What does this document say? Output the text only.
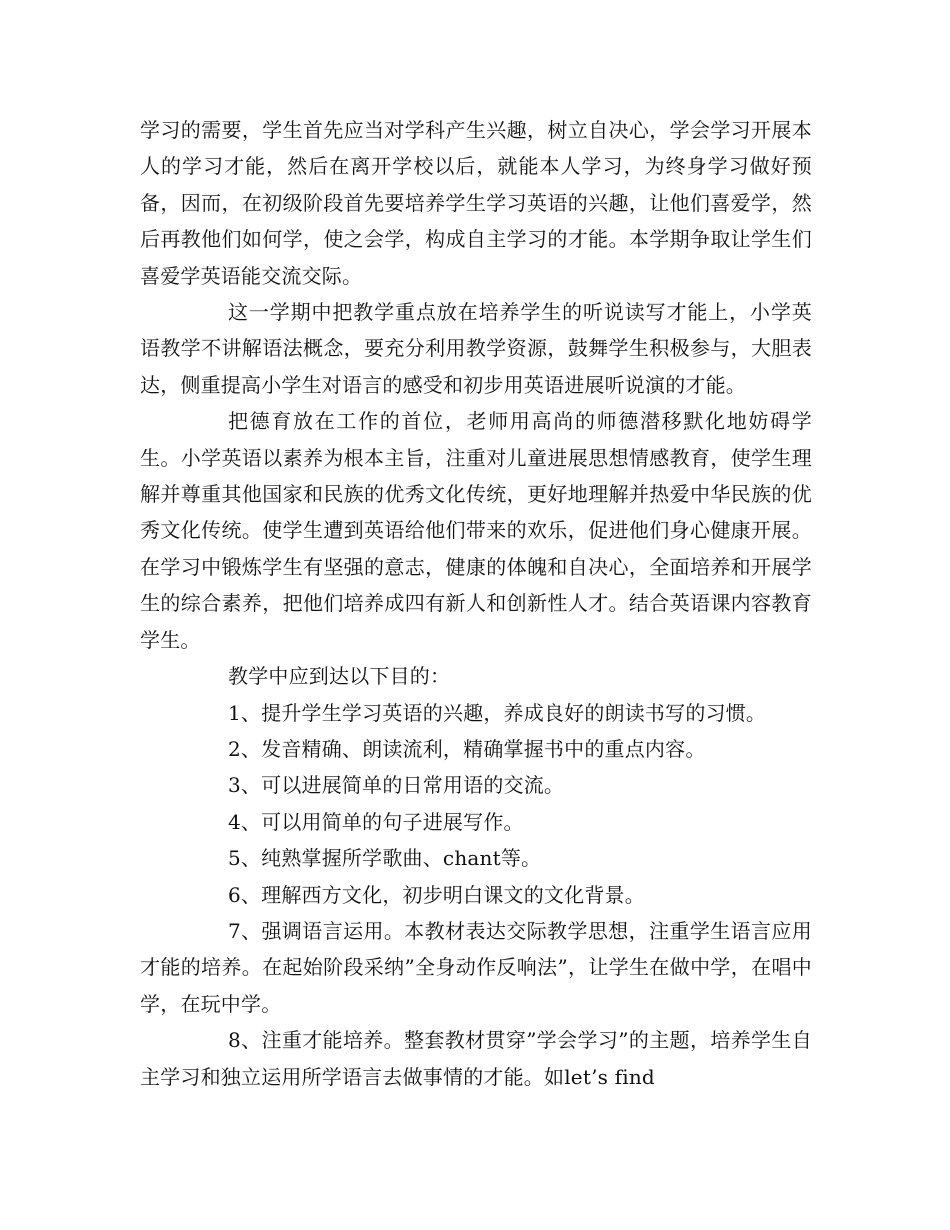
学习的需要，学生首先应当对学科产生兴趣，树立自决心，学会学习开展本人的学习才能，然后在离开学校以后，就能本人学习，为终身学习做好预备，因而，在初级阶段首先要培养学生学习英语的兴趣，让他们喜爱学，然后再教他们如何学，使之会学，构成自主学习的才能。本学期争取让学生们喜爱学英语能交流交际。

这一学期中把教学重点放在培养学生的听说读写才能上，小学英语教学不讲解语法概念，要充分利用教学资源，鼓舞学生积极参与，大胆表达，侧重提高小学生对语言的感受和初步用英语进展听说演的才能。

把德育放在工作的首位，老师用高尚的师德潜移默化地妨碍学生。小学英语以素养为根本主旨，注重对儿童进展思想情感教育，使学生理解并尊重其他国家和民族的优秀文化传统，更好地理解并热爱中华民族的优秀文化传统。使学生遭到英语给他们带来的欢乐，促进他们身心健康开展。在学习中锻炼学生有坚强的意志，健康的体魄和自决心，全面培养和开展学生的综合素养，把他们培养成四有新人和创新性人才。结合英语课内容教育学生。

教学中应到达以下目的：

1、提升学生学习英语的兴趣，养成良好的朗读书写的习惯。

2、发音精确、朗读流利，精确掌握书中的重点内容。

3、可以进展简单的日常用语的交流。

4、可以用简单的句子进展写作。

5、纯熟掌握所学歌曲、chant等。

6、理解西方文化，初步明白课文的文化背景。

7、强调语言运用。本教材表达交际教学思想，注重学生语言应用才能的培养。在起始阶段采纳”全身动作反响法”，让学生在做中学，在唱中学，在玩中学。

8、注重才能培养。整套教材贯穿”学会学习”的主题，培养学生自主学习和独立运用所学语言去做事情的才能。如let’s find
